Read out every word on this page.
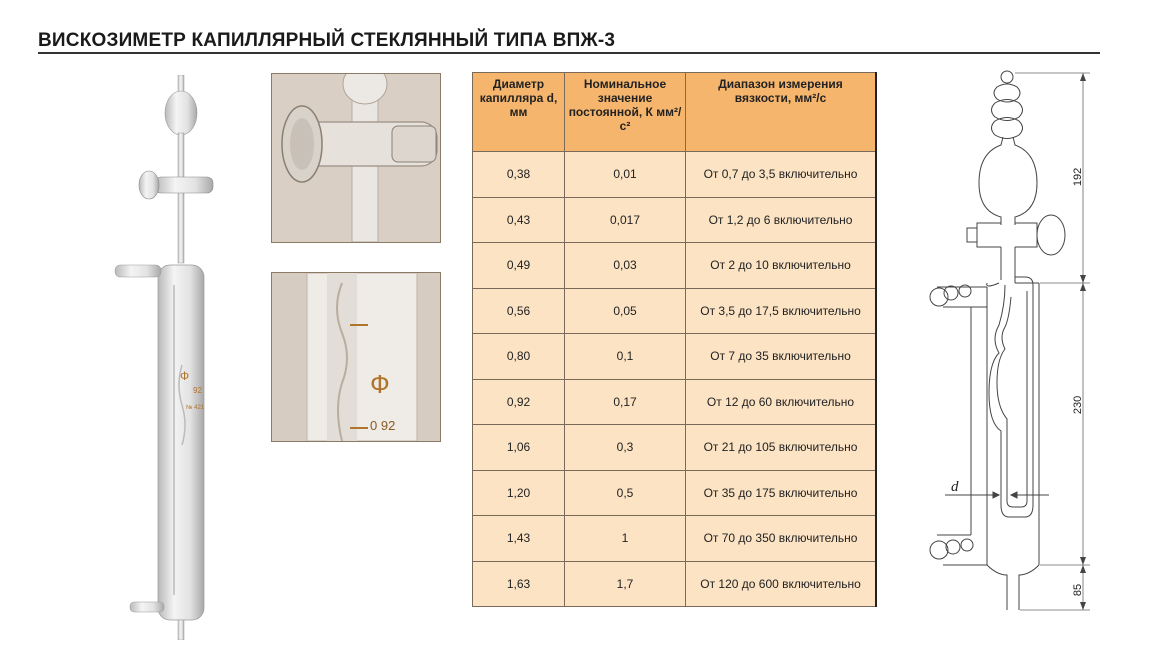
ВИСКОЗИМЕТР КАПИЛЛЯРНЫЙ СТЕКЛЯННЫЙ ТИПА ВПЖ-3
Ф
92
№ 421
Ф
0 92
Диаметр капилляра d, мм	Номинальное значение постоянной, К мм²/с²	Диапазон измерения вязкости, мм²/с
0,38	0,01	От 0,7 до 3,5 включительно
0,43	0,017	От 1,2 до 6 включительно
0,49	0,03	От 2 до 10 включительно
0,56	0,05	От 3,5 до 17,5 включительно
0,80	0,1	От 7 до 35 включительно
0,92	0,17	От 12 до 60 включительно
1,06	0,3	От 21 до 105 включительно
1,20	0,5	От 35 до 175 включительно
1,43	1	От 70 до 350 включительно
1,63	1,7	От 120 до 600 включительно
d
192
230
85
